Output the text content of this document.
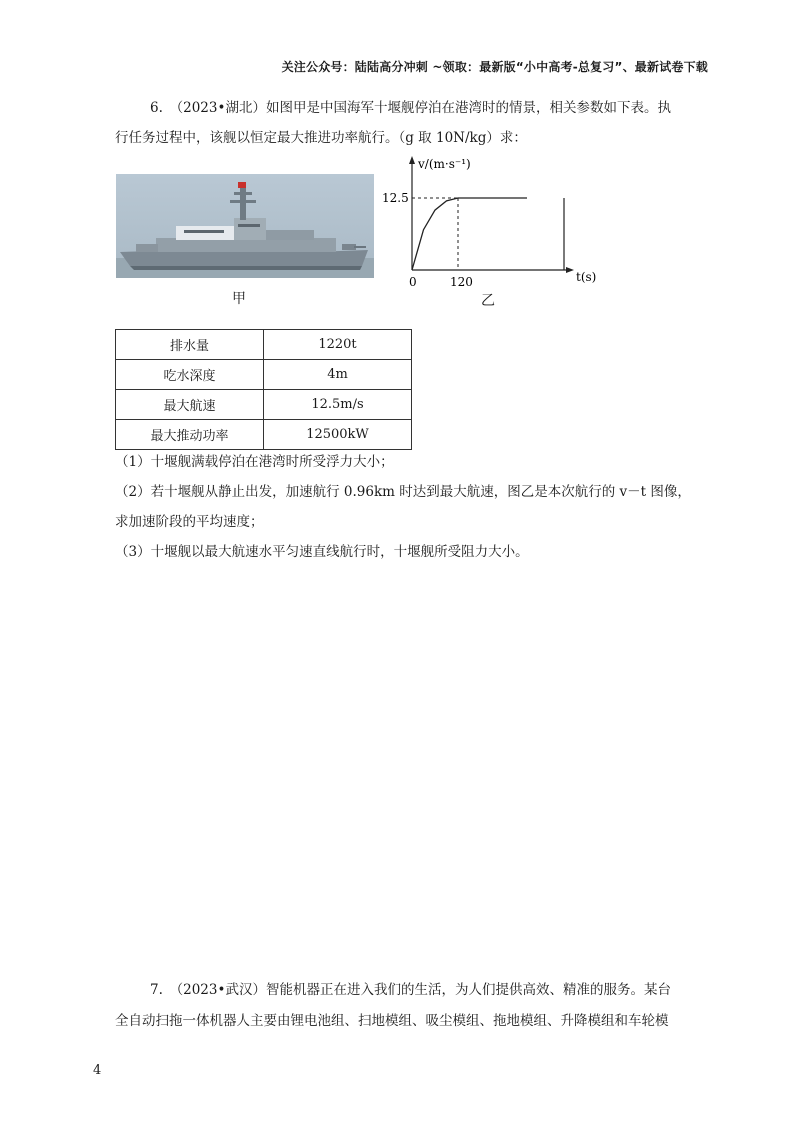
关注公众号：陆陆高分冲刺 ~领取：最新版“小中高考-总复习”、最新试卷下载
6.　（2023•湖北）如图甲是中国海军十堰舰停泊在港湾时的情景，相关参数如下表。执
行任务过程中，该舰以恒定最大推进功率航行。（g 取 10N/kg）求：
甲
v/(m·s⁻¹)
t(s)
0
12.5
120
乙
排水量	1220t
吃水深度	4m
最大航速	12.5m/s
最大推动功率	12500kW
（1）十堰舰满载停泊在港湾时所受浮力大小；
（2）若十堰舰从静止出发，加速航行 0.96km 时达到最大航速，图乙是本次航行的 v－t 图像，
求加速阶段的平均速度；
（3）十堰舰以最大航速水平匀速直线航行时，十堰舰所受阻力大小。
7.　（2023•武汉）智能机器正在进入我们的生活，为人们提供高效、精准的服务。某台
全自动扫拖一体机器人主要由锂电池组、扫地模组、吸尘模组、拖地模组、升降模组和车轮模
4
